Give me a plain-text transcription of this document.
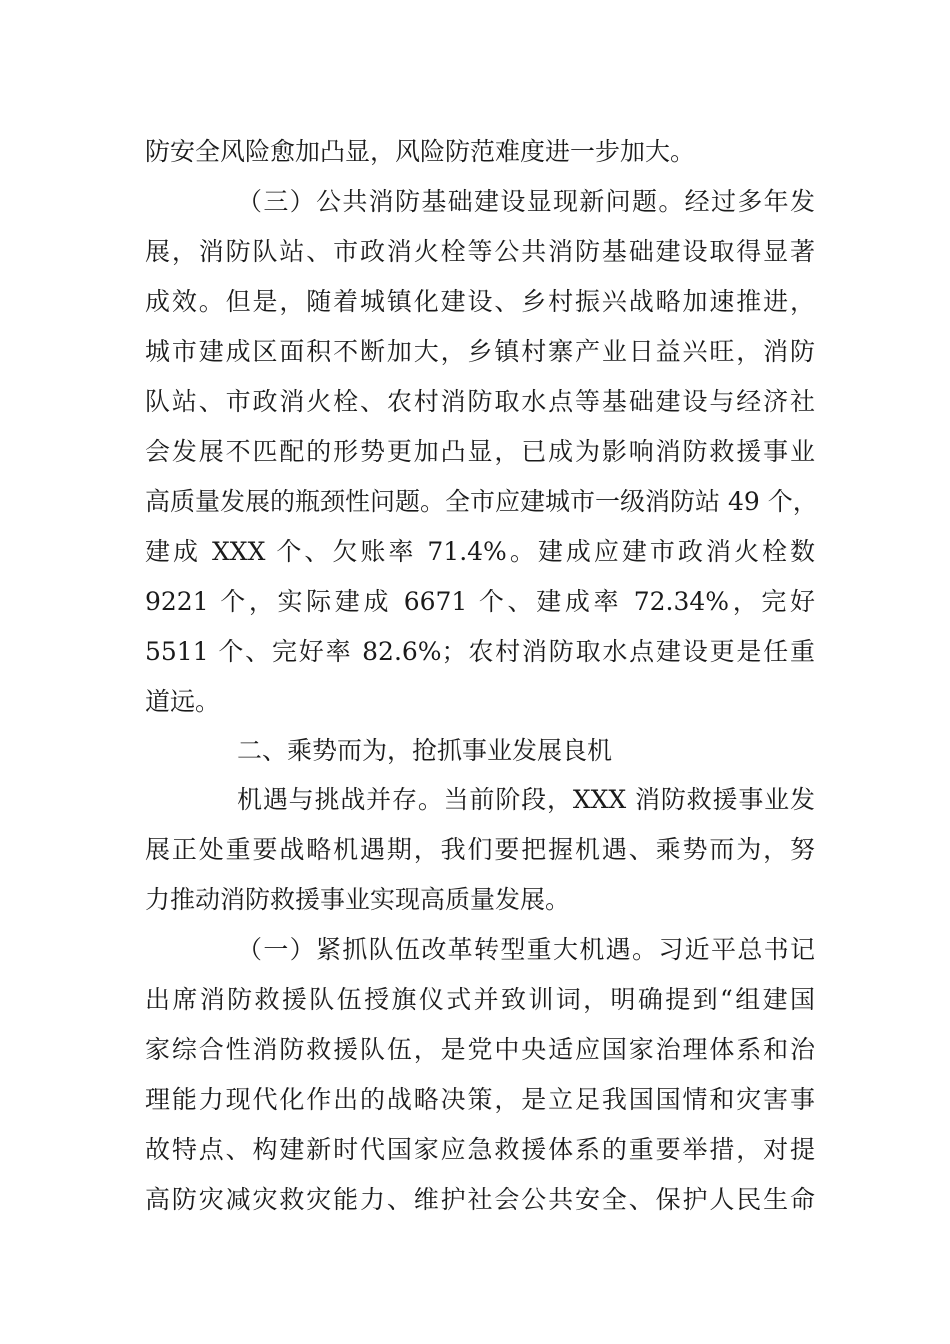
防安全风险愈加凸显，风险防范难度进一步加大。
（三）公共消防基础建设显现新问题。经过多年发
展，消防队站、市政消火栓等公共消防基础建设取得显著
成效。但是，随着城镇化建设、乡村振兴战略加速推进，
城市建成区面积不断加大，乡镇村寨产业日益兴旺，消防
队站、市政消火栓、农村消防取水点等基础建设与经济社
会发展不匹配的形势更加凸显，已成为影响消防救援事业
高质量发展的瓶颈性问题。全市应建城市一级消防站 49 个，
建成 XXX 个、欠账率 71.4%。建成应建市政消火栓数
9221 个，实际建成 6671 个、建成率 72.34%，完好
5511 个、完好率 82.6%；农村消防取水点建设更是任重
道远。
二、乘势而为，抢抓事业发展良机
机遇与挑战并存。当前阶段，XXX 消防救援事业发
展正处重要战略机遇期，我们要把握机遇、乘势而为，努
力推动消防救援事业实现高质量发展。
（一）紧抓队伍改革转型重大机遇。习近平总书记
出席消防救援队伍授旗仪式并致训词，明确提到“组建国
家综合性消防救援队伍，是党中央适应国家治理体系和治
理能力现代化作出的战略决策，是立足我国国情和灾害事
故特点、构建新时代国家应急救援体系的重要举措，对提
高防灾减灾救灾能力、维护社会公共安全、保护人民生命
